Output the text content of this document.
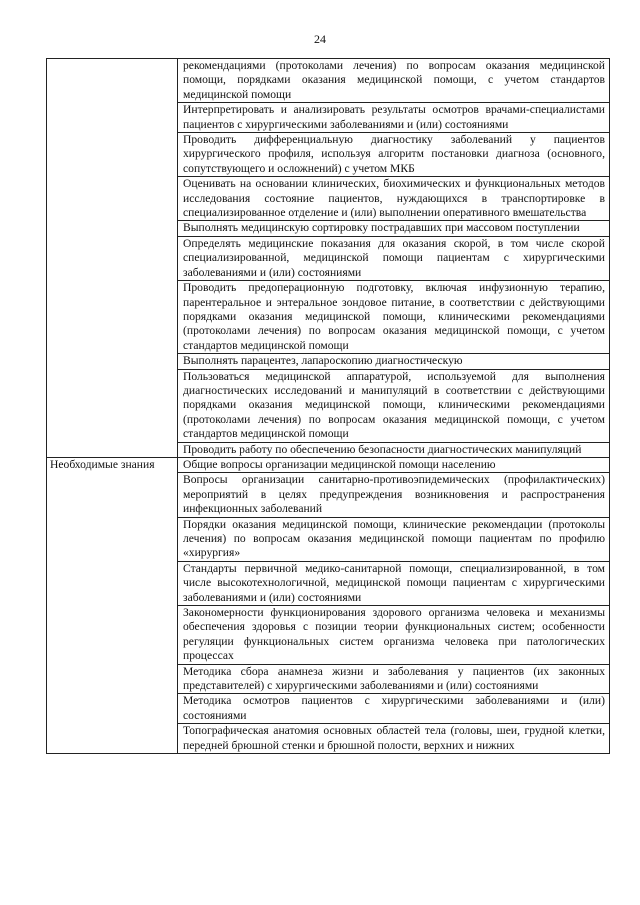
24
	рекомендациями (протоколами лечения) по вопросам оказания медицинской помощи, порядками оказания медицинской помощи, с учетом стандартов медицинской помощи
	Интерпретировать и анализировать результаты осмотров врачами-специалистами пациентов с хирургическими заболеваниями и (или) состояниями
	Проводить дифференциальную диагностику заболеваний у пациентов хирургического профиля, используя алгоритм постановки диагноза (основного, сопутствующего и осложнений) с учетом МКБ
	Оценивать на основании клинических, биохимических и функциональных методов исследования состояние пациентов, нуждающихся в транспортировке в специализированное отделение и (или) выполнении оперативного вмешательства
	Выполнять медицинскую сортировку пострадавших при массовом поступлении
	Определять медицинские показания для оказания скорой, в том числе скорой специализированной, медицинской помощи пациентам с хирургическими заболеваниями и (или) состояниями
	Проводить предоперационную подготовку, включая инфузионную терапию, парентеральное и энтеральное зондовое питание, в соответствии с действующими порядками оказания медицинской помощи, клиническими рекомендациями (протоколами лечения) по вопросам оказания медицинской помощи, с учетом стандартов медицинской помощи
	Выполнять парацентез, лапароскопию диагностическую
	Пользоваться медицинской аппаратурой, используемой для выполнения диагностических исследований и манипуляций в соответствии с действующими порядками оказания медицинской помощи, клиническими рекомендациями (протоколами лечения) по вопросам оказания медицинской помощи, с учетом стандартов медицинской помощи
	Проводить работу по обеспечению безопасности диагностических манипуляций
Необходимые знания	Общие вопросы организации медицинской помощи населению
	Вопросы организации санитарно-противоэпидемических (профилактических) мероприятий в целях предупреждения возникновения и распространения инфекционных заболеваний
	Порядки оказания медицинской помощи, клинические рекомендации (протоколы лечения) по вопросам оказания медицинской помощи пациентам по профилю «хирургия»
	Стандарты первичной медико-санитарной помощи, специализированной, в том числе высокотехнологичной, медицинской помощи пациентам с хирургическими заболеваниями и (или) состояниями
	Закономерности функционирования здорового организма человека и механизмы обеспечения здоровья с позиции теории функциональных систем; особенности регуляции функциональных систем организма человека при патологических процессах
	Методика сбора анамнеза жизни и заболевания у пациентов (их законных представителей) с хирургическими заболеваниями и (или) состояниями
	Методика осмотров пациентов с хирургическими заболеваниями и (или) состояниями
	Топографическая анатомия основных областей тела (головы, шеи, грудной клетки, передней брюшной стенки и брюшной полости, верхних и нижних
